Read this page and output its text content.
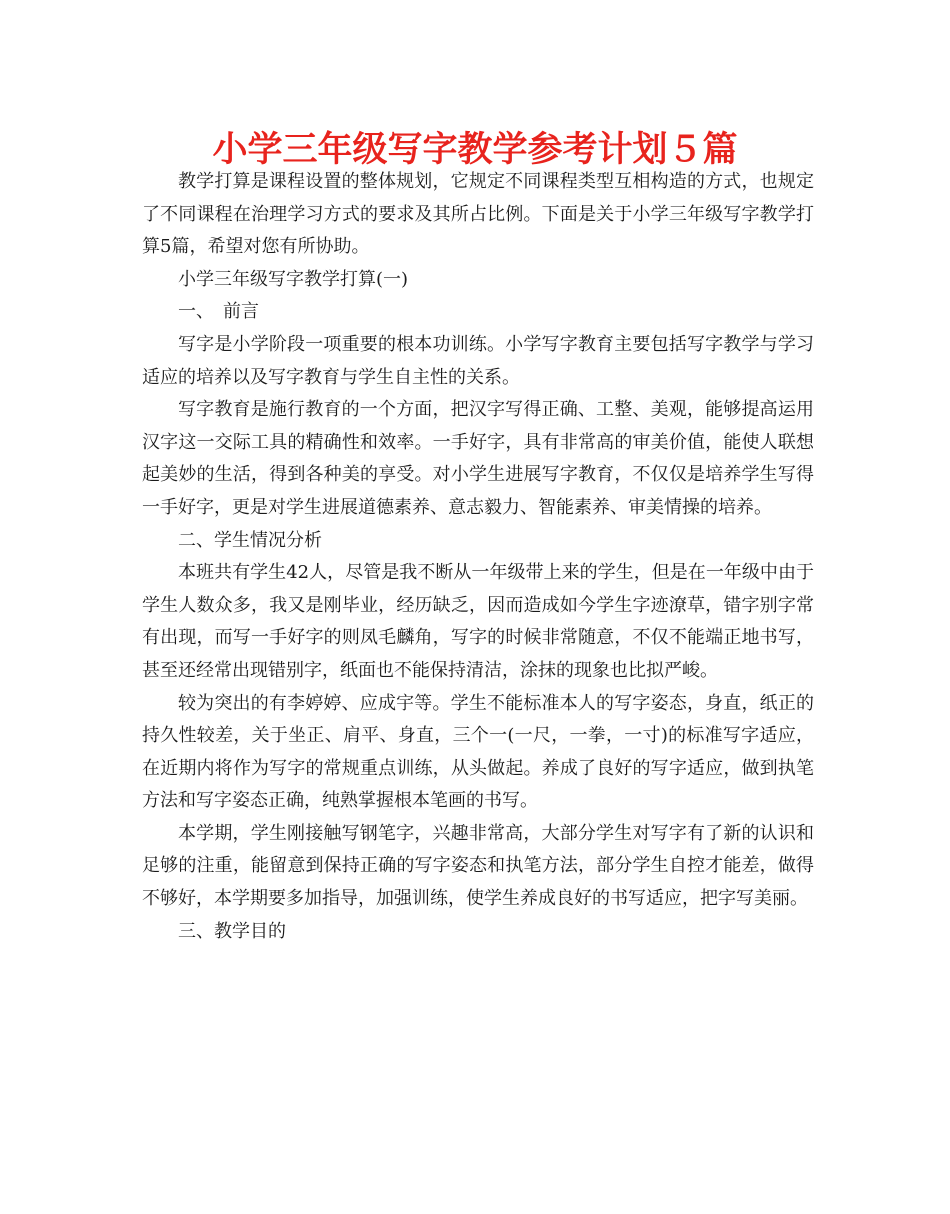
小学三年级写字教学参考计划５篇

教学打算是课程设置的整体规划，它规定不同课程类型互相构造的方式，也规定了不同课程在治理学习方式的要求及其所占比例。下面是关于小学三年级写字教学打算5篇，希望对您有所协助。

小学三年级写字教学打算(一)

一、　前言

写字是小学阶段一项重要的根本功训练。小学写字教育主要包括写字教学与学习适应的培养以及写字教育与学生自主性的关系。

写字教育是施行教育的一个方面，把汉字写得正确、工整、美观，能够提高运用汉字这一交际工具的精确性和效率。一手好字，具有非常高的审美价值，能使人联想起美妙的生活，得到各种美的享受。对小学生进展写字教育，不仅仅是培养学生写得一手好字，更是对学生进展道德素养、意志毅力、智能素养、审美情操的培养。

二、学生情况分析

本班共有学生42人，尽管是我不断从一年级带上来的学生，但是在一年级中由于学生人数众多，我又是刚毕业，经历缺乏，因而造成如今学生字迹潦草，错字别字常有出现，而写一手好字的则凤毛麟角，写字的时候非常随意，不仅不能端正地书写，甚至还经常出现错别字，纸面也不能保持清洁，涂抹的现象也比拟严峻。

较为突出的有李婷婷、应成宇等。学生不能标准本人的写字姿态，身直，纸正的持久性较差，关于坐正、肩平、身直，三个一(一尺，一拳，一寸)的标准写字适应，在近期内将作为写字的常规重点训练，从头做起。养成了良好的写字适应，做到执笔方法和写字姿态正确，纯熟掌握根本笔画的书写。

本学期，学生刚接触写钢笔字，兴趣非常高，大部分学生对写字有了新的认识和足够的注重，能留意到保持正确的写字姿态和执笔方法，部分学生自控才能差，做得不够好，本学期要多加指导，加强训练，使学生养成良好的书写适应，把字写美丽。

三、教学目的
